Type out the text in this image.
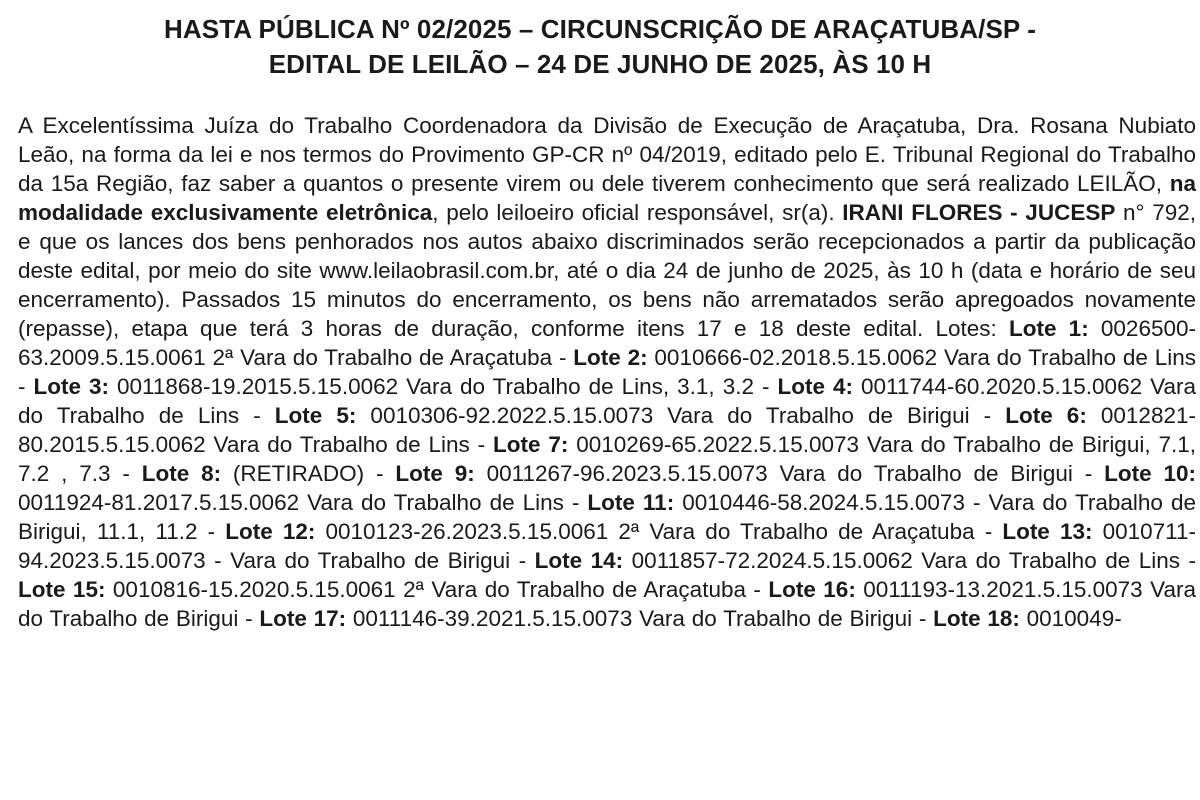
HASTA PÚBLICA Nº 02/2025 – CIRCUNSCRIÇÃO DE ARAÇATUBA/SP -
EDITAL DE LEILÃO – 24 DE JUNHO DE 2025, ÀS 10 H

A Excelentíssima Juíza do Trabalho Coordenadora da Divisão de Execução de Araçatuba, Dra. Rosana Nubiato Leão, na forma da lei e nos termos do Provimento GP-CR nº 04/2019, editado pelo E. Tribunal Regional do Trabalho da 15a Região, faz saber a quantos o presente virem ou dele tiverem conhecimento que será realizado LEILÃO, na modalidade exclusivamente eletrônica, pelo leiloeiro oficial responsável, sr(a). IRANI FLORES - JUCESP n° 792, e que os lances dos bens penhorados nos autos abaixo discriminados serão recepcionados a partir da publicação deste edital, por meio do site www.leilaobrasil.com.br, até o dia 24 de junho de 2025, às 10 h (data e horário de seu encerramento). Passados 15 minutos do encerramento, os bens não arrematados serão apregoados novamente (repasse), etapa que terá 3 horas de duração, conforme itens 17 e 18 deste edital. Lotes: Lote 1: 0026500-63.2009.5.15.0061 2ª Vara do Trabalho de Araçatuba - Lote 2: 0010666-02.2018.5.15.0062 Vara do Trabalho de Lins - Lote 3: 0011868-19.2015.5.15.0062 Vara do Trabalho de Lins, 3.1, 3.2 - Lote 4: 0011744-60.2020.5.15.0062 Vara do Trabalho de Lins - Lote 5: 0010306-92.2022.5.15.0073 Vara do Trabalho de Birigui - Lote 6: 0012821-80.2015.5.15.0062 Vara do Trabalho de Lins - Lote 7: 0010269-65.2022.5.15.0073 Vara do Trabalho de Birigui, 7.1, 7.2 , 7.3 - Lote 8: (RETIRADO) - Lote 9: 0011267-96.2023.5.15.0073 Vara do Trabalho de Birigui - Lote 10: 0011924-81.2017.5.15.0062 Vara do Trabalho de Lins - Lote 11: 0010446-58.2024.5.15.0073 - Vara do Trabalho de Birigui, 11.1, 11.2 - Lote 12: 0010123-26.2023.5.15.0061 2ª Vara do Trabalho de Araçatuba - Lote 13: 0010711-94.2023.5.15.0073 - Vara do Trabalho de Birigui - Lote 14: 0011857-72.2024.5.15.0062 Vara do Trabalho de Lins - Lote 15: 0010816-15.2020.5.15.0061 2ª Vara do Trabalho de Araçatuba - Lote 16: 0011193-13.2021.5.15.0073 Vara do Trabalho de Birigui - Lote 17: 0011146-39.2021.5.15.0073 Vara do Trabalho de Birigui - Lote 18: 0010049-
